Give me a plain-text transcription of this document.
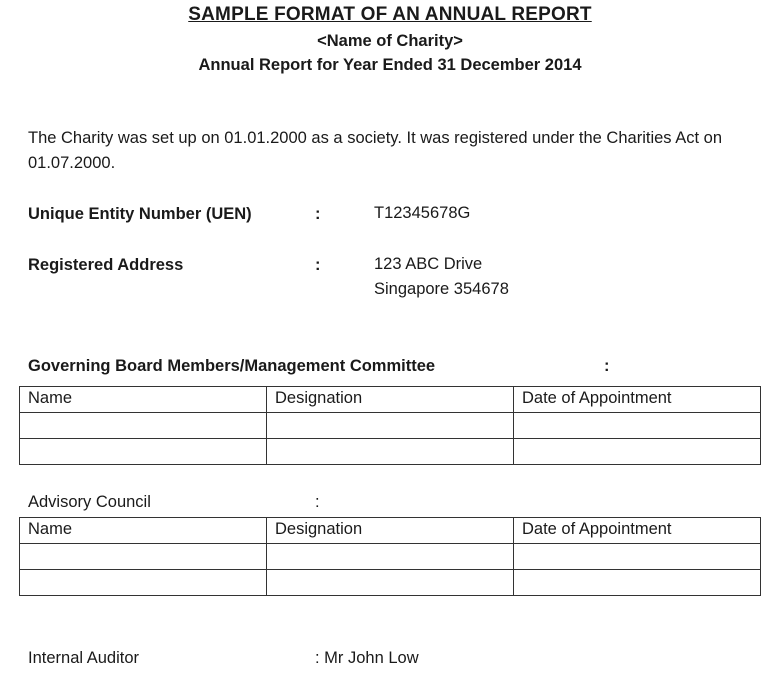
SAMPLE FORMAT OF AN ANNUAL REPORT
<Name of Charity>
Annual Report for Year Ended 31 December 2014
The Charity was set up on 01.01.2000 as a society. It was registered under the Charities Act on 01.07.2000.
Unique Entity Number (UEN)	:	T12345678G
Registered Address	:	123 ABC Drive
Singapore 354678
Governing Board Members/Management Committee	:
Name	Designation	Date of Appointment

Advisory Council	:
Name	Designation	Date of Appointment

Internal Auditor	: Mr John Low
